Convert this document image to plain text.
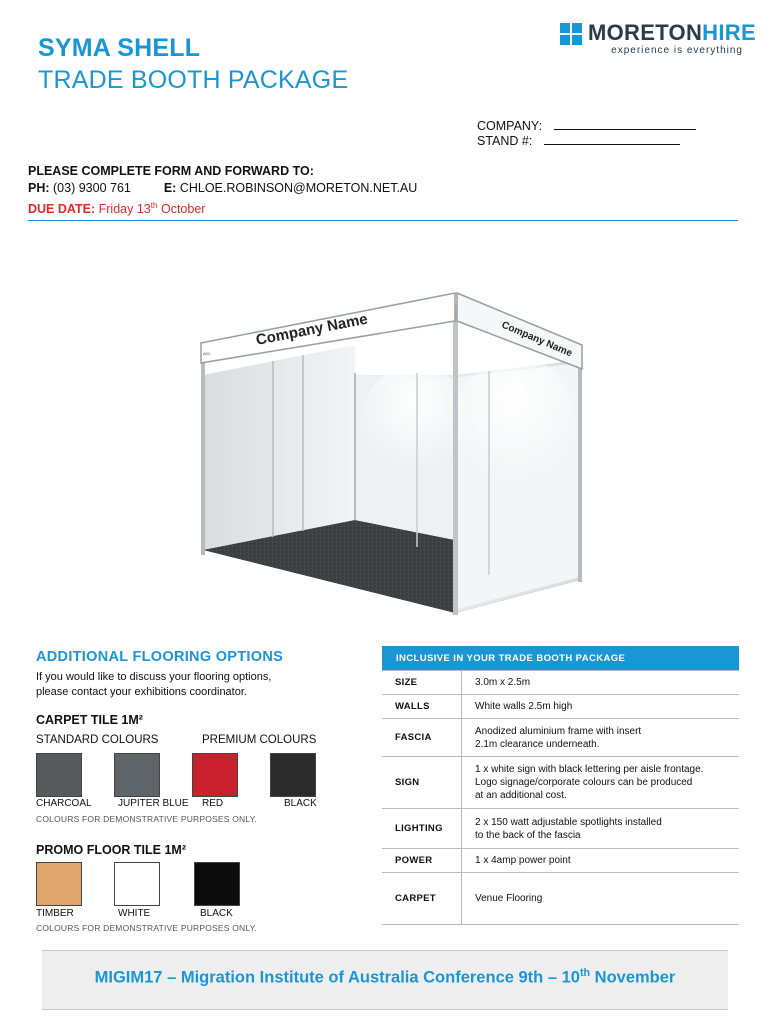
SYMA SHELL
TRADE BOOTH PACKAGE
MORETONHIRE
experience is everything
COMPANY:
STAND #:
PLEASE COMPLETE FORM AND FORWARD TO:
PH: (03) 9300 761	E: CHLOE.ROBINSON@MORETON.NET.AU
DUE DATE: Friday 13th October
Company Name	Company Name
A01
ADDITIONAL FLOORING OPTIONS
If you would like to discuss your flooring options,
please contact your exhibitions coordinator.
CARPET TILE 1M²
STANDARD COLOURS	PREMIUM COLOURS
CHARCOAL	JUPITER BLUE RED	BLACK
COLOURS FOR DEMONSTRATIVE PURPOSES ONLY.
PROMO FLOOR TILE 1M²
TIMBER	WHITE	BLACK
COLOURS FOR DEMONSTRATIVE PURPOSES ONLY.
INCLUSIVE IN YOUR TRADE BOOTH PACKAGE	
SIZE	3.0m x 2.5m

WALLS	White walls 2.5m high

FASCIA	Anodized aluminium frame with insert
2.1m clearance underneath.

SIGN	1 x white sign with black lettering per aisle frontage.
Logo signage/corporate colours can be produced
at an additional cost.

LIGHTING	2 x 150 watt adjustable spotlights installed
to the back of the fascia

POWER	1 x 4amp power point

CARPET	Venue Flooring
MIGIM17 – Migration Institute of Australia Conference 9th – 10th November
